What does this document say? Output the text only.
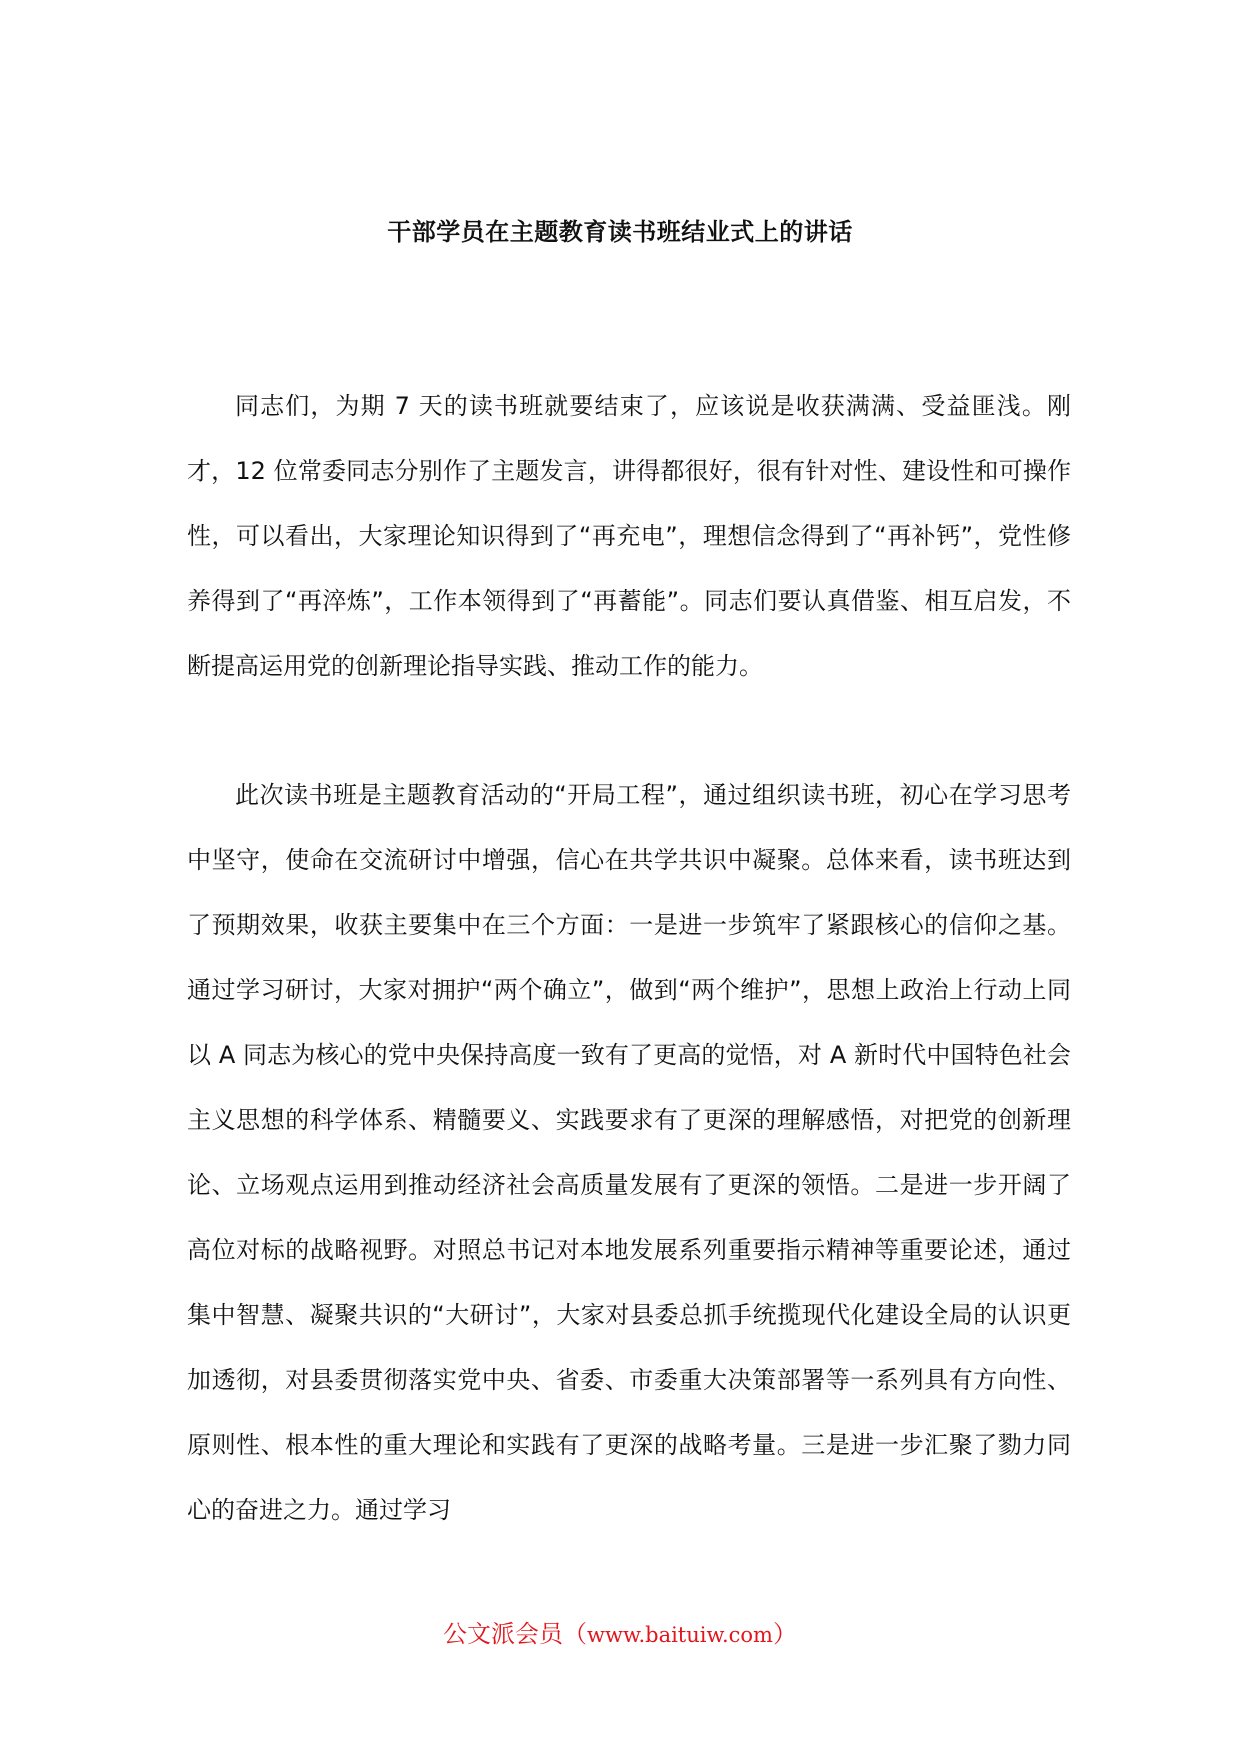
干部学员在主题教育读书班结业式上的讲话

同志们，为期 7 天的读书班就要结束了，应该说是收获满满、受益匪浅。刚才，12 位常委同志分别作了主题发言，讲得都很好，很有针对性、建设性和可操作性，可以看出，大家理论知识得到了“再充电”，理想信念得到了“再补钙”，党性修养得到了“再淬炼”，工作本领得到了“再蓄能”。同志们要认真借鉴、相互启发，不断提高运用党的创新理论指导实践、推动工作的能力。

此次读书班是主题教育活动的“开局工程”，通过组织读书班，初心在学习思考中坚守，使命在交流研讨中增强，信心在共学共识中凝聚。总体来看，读书班达到了预期效果，收获主要集中在三个方面：一是进一步筑牢了紧跟核心的信仰之基。通过学习研讨，大家对拥护“两个确立”，做到“两个维护”，思想上政治上行动上同以 A 同志为核心的党中央保持高度一致有了更高的觉悟，对 A 新时代中国特色社会主义思想的科学体系、精髓要义、实践要求有了更深的理解感悟，对把党的创新理论、立场观点运用到推动经济社会高质量发展有了更深的领悟。二是进一步开阔了高位对标的战略视野。对照总书记对本地发展系列重要指示精神等重要论述，通过集中智慧、凝聚共识的“大研讨”，大家对县委总抓手统揽现代化建设全局的认识更加透彻，对县委贯彻落实党中央、省委、市委重大决策部署等一系列具有方向性、原则性、根本性的重大理论和实践有了更深的战略考量。三是进一步汇聚了勠力同心的奋进之力。通过学习

公文派会员（www.baituiw.com）
